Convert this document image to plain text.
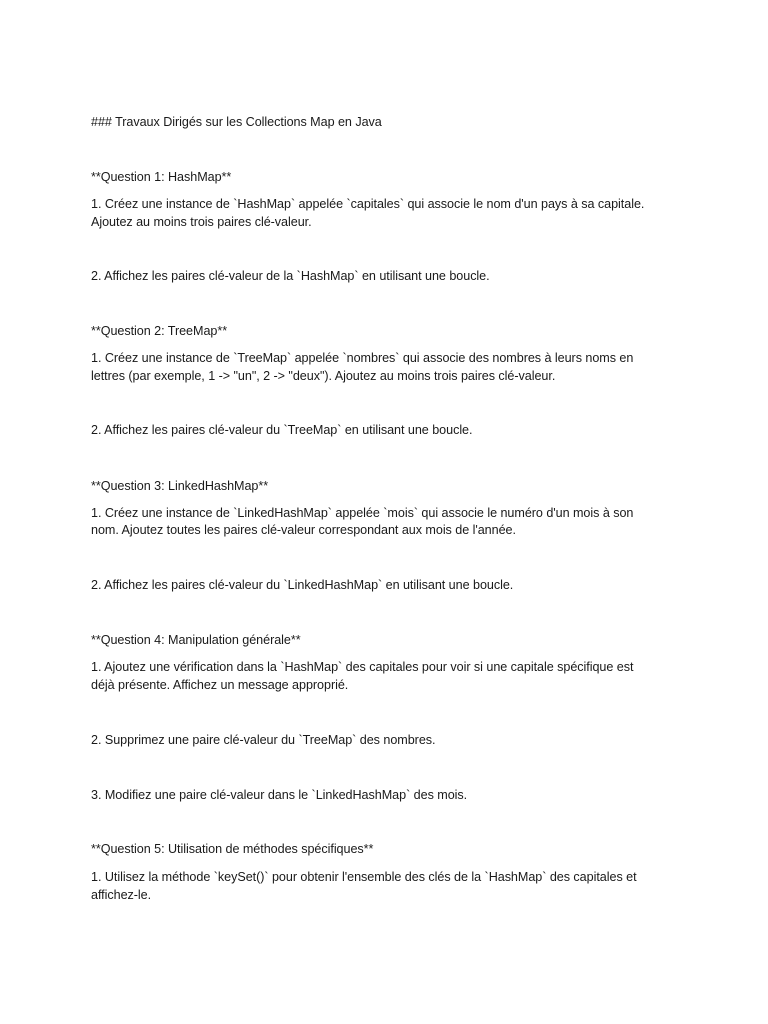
### Travaux Dirigés sur les Collections Map en Java
**Question 1: HashMap**
1. Créez une instance de `HashMap` appelée `capitales` qui associe le nom d'un pays à sa capitale.
Ajoutez au moins trois paires clé-valeur.
2. Affichez les paires clé-valeur de la `HashMap` en utilisant une boucle.
**Question 2: TreeMap**
1. Créez une instance de `TreeMap` appelée `nombres` qui associe des nombres à leurs noms en
lettres (par exemple, 1 -> "un", 2 -> "deux"). Ajoutez au moins trois paires clé-valeur.
2. Affichez les paires clé-valeur du `TreeMap` en utilisant une boucle.
**Question 3: LinkedHashMap**
1. Créez une instance de `LinkedHashMap` appelée `mois` qui associe le numéro d'un mois à son
nom. Ajoutez toutes les paires clé-valeur correspondant aux mois de l'année.
2. Affichez les paires clé-valeur du `LinkedHashMap` en utilisant une boucle.
**Question 4: Manipulation générale**
1. Ajoutez une vérification dans la `HashMap` des capitales pour voir si une capitale spécifique est
déjà présente. Affichez un message approprié.
2. Supprimez une paire clé-valeur du `TreeMap` des nombres.
3. Modifiez une paire clé-valeur dans le `LinkedHashMap` des mois.
**Question 5: Utilisation de méthodes spécifiques**
1. Utilisez la méthode `keySet()` pour obtenir l'ensemble des clés de la `HashMap` des capitales et
affichez-le.
